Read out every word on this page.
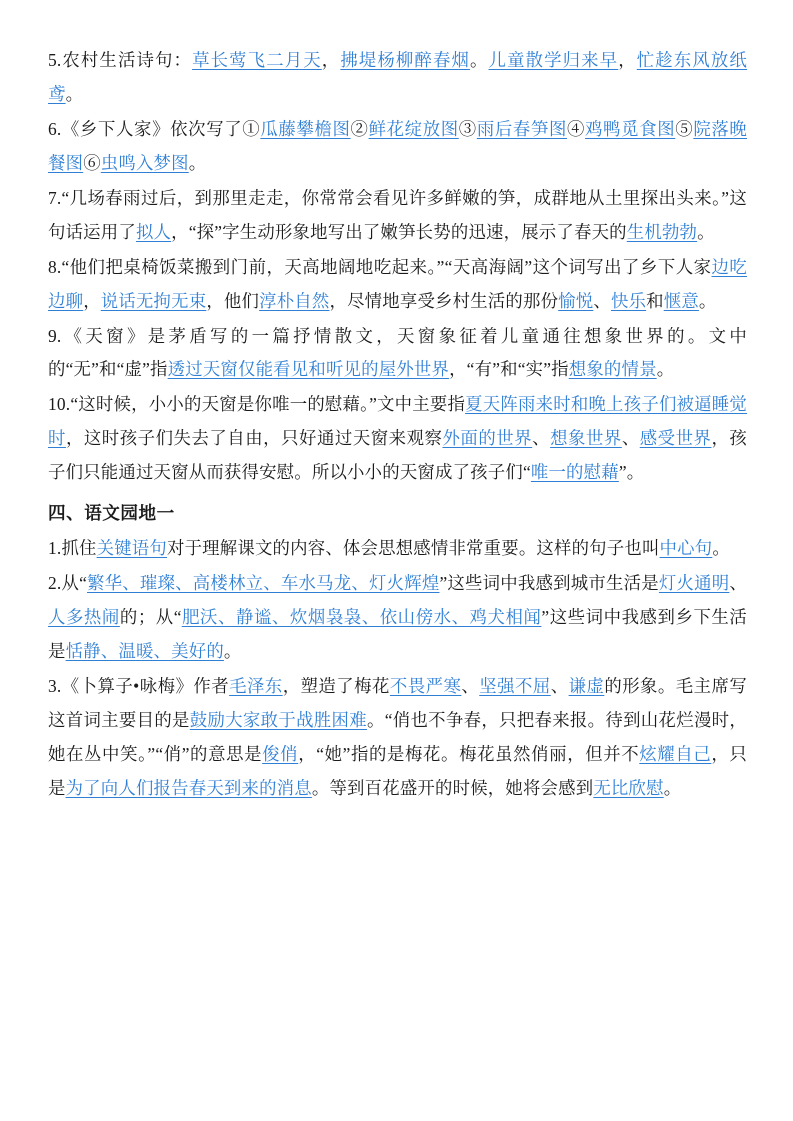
5.农村生活诗句：草长莺飞二月天，拂堤杨柳醉春烟。儿童散学归来早，忙趁东风放纸鸢。

6.《乡下人家》依次写了①瓜藤攀檐图②鲜花绽放图③雨后春笋图④鸡鸭觅食图⑤院落晚餐图⑥虫鸣入梦图。

7.“几场春雨过后，到那里走走，你常常会看见许多鲜嫩的笋，成群地从土里探出头来。”这句话运用了拟人，“探”字生动形象地写出了嫩笋长势的迅速，展示了春天的生机勃勃。

8.“他们把桌椅饭菜搬到门前，天高地阔地吃起来。”“天高海阔”这个词写出了乡下人家边吃边聊，说话无拘无束，他们淳朴自然，尽情地享受乡村生活的那份愉悦、快乐和惬意。

9.《天窗》是茅盾写的一篇抒情散文，天窗象征着儿童通往想象世界的。文中的“无”和“虚”指透过天窗仅能看见和听见的屋外世界，“有”和“实”指想象的情景。

10.“这时候，小小的天窗是你唯一的慰藉。”文中主要指夏天阵雨来时和晚上孩子们被逼睡觉时，这时孩子们失去了自由，只好通过天窗来观察外面的世界、想象世界、感受世界，孩子们只能通过天窗从而获得安慰。所以小小的天窗成了孩子们“唯一的慰藉”。

四、语文园地一

1.抓住关键语句对于理解课文的内容、体会思想感情非常重要。这样的句子也叫中心句。

2.从“繁华、璀璨、高楼林立、车水马龙、灯火辉煌”这些词中我感到城市生活是灯火通明、人多热闹的；从“肥沃、静谧、炊烟袅袅、依山傍水、鸡犬相闻”这些词中我感到乡下生活是恬静、温暖、美好的。

3.《卜算子•咏梅》作者毛泽东，塑造了梅花不畏严寒、坚强不屈、谦虚的形象。毛主席写这首词主要目的是鼓励大家敢于战胜困难。“俏也不争春，只把春来报。待到山花烂漫时，她在丛中笑。”“俏”的意思是俊俏，“她”指的是梅花。梅花虽然俏丽，但并不炫耀自己，只是为了向人们报告春天到来的消息。等到百花盛开的时候，她将会感到无比欣慰。
